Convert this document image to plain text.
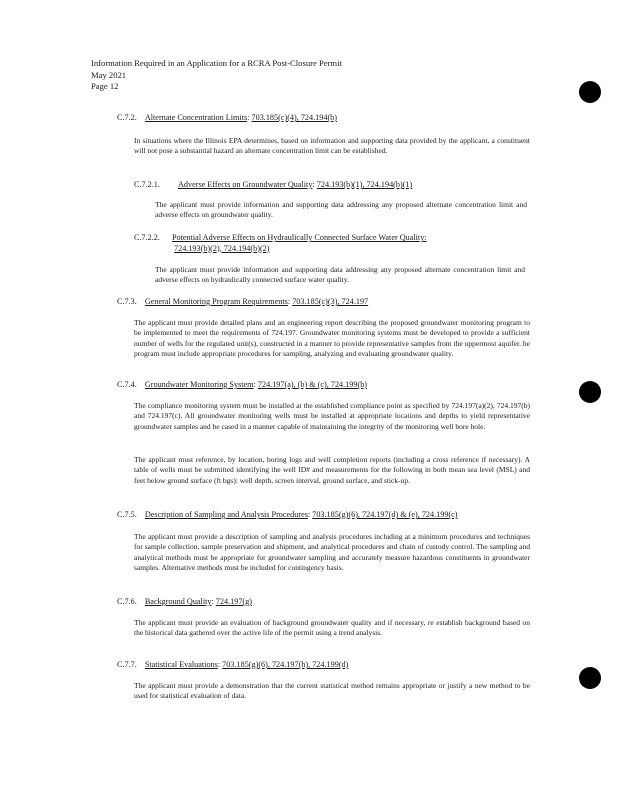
Information Required in an Application for a RCRA Post-Closure Permit
May 2021
Page 12
C.7.2. Alternate Concentration Limits: 703.185(c)(4), 724.194(b)
In situations where the Illinois EPA determines, based on information and supporting data provided by the applicant, a constituent will not pose a substantial hazard an alternate concentration limit can be established.
C.7.2.1. Adverse Effects on Groundwater Quality: 724.193(b)(1), 724.194(b)(1)
The applicant must provide information and supporting data addressing any proposed alternate concentration limit and adverse effects on groundwater quality.
C.7.2.2. Potential Adverse Effects on Hydraulically Connected Surface Water Quality:
724.193(b)(2), 724.194(b)(2)
The applicant must provide information and supporting data addressing any proposed alternate concentration limit and adverse effects on hydraulically connected surface water quality.
C.7.3. General Monitoring Program Requirements: 703.185(c)(3), 724.197
The applicant must provide detailed plans and an engineering report describing the proposed groundwater monitoring program to be implemented to meet the requirements of 724.197. Groundwater monitoring systems must be developed to provide a sufficient number of wells for the regulated unit(s), constructed in a manner to provide representative samples from the uppermost aquifer. he program must include appropriate procedures for sampling, analyzing and evaluating groundwater quality.
C.7.4. Groundwater Monitoring System: 724.197(a), (b) & (c), 724.199(b)
The compliance monitoring system must be installed at the established compliance point as specified by 724.197(a)(2), 724.197(b) and 724.197(c). All groundwater monitoring wells must be installed at appropriate locations and depths to yield representative groundwater samples and be cased in a manner capable of maintaining the integrity of the monitoring well bore hole.
The applicant must reference, by location, boring logs and well completion reports (including a cross reference if necessary). A table of wells must be submitted identifying the well ID# and measurements for the following in both mean sea level (MSL) and feet below ground surface (ft bgs): well depth, screen interval, ground surface, and stick-up.
C.7.5. Description of Sampling and Analysis Procedures: 703.185(g)(6), 724.197(d) & (e), 724.199(c)
The applicant must provide a description of sampling and analysis procedures including at a minimum procedures and techniques for sample collection, sample preservation and shipment, and analytical procedures and chain of custody control. The sampling and analytical methods must be appropriate for groundwater sampling and accurately measure hazardous constituents in groundwater samples. Alternative methods must be included for contingency basis.
C.7.6. Background Quality: 724.197(g)
The applicant must provide an evaluation of background groundwater quality and if necessary, re establish background based on the historical data gathered over the active life of the permit using a trend analysis.
C.7.7. Statistical Evaluations: 703.185(g)(6), 724.197(h), 724.199(d)
The applicant must provide a demonstration that the current statistical method remains appropriate or justify a new method to be used for statistical evaluation of data.
